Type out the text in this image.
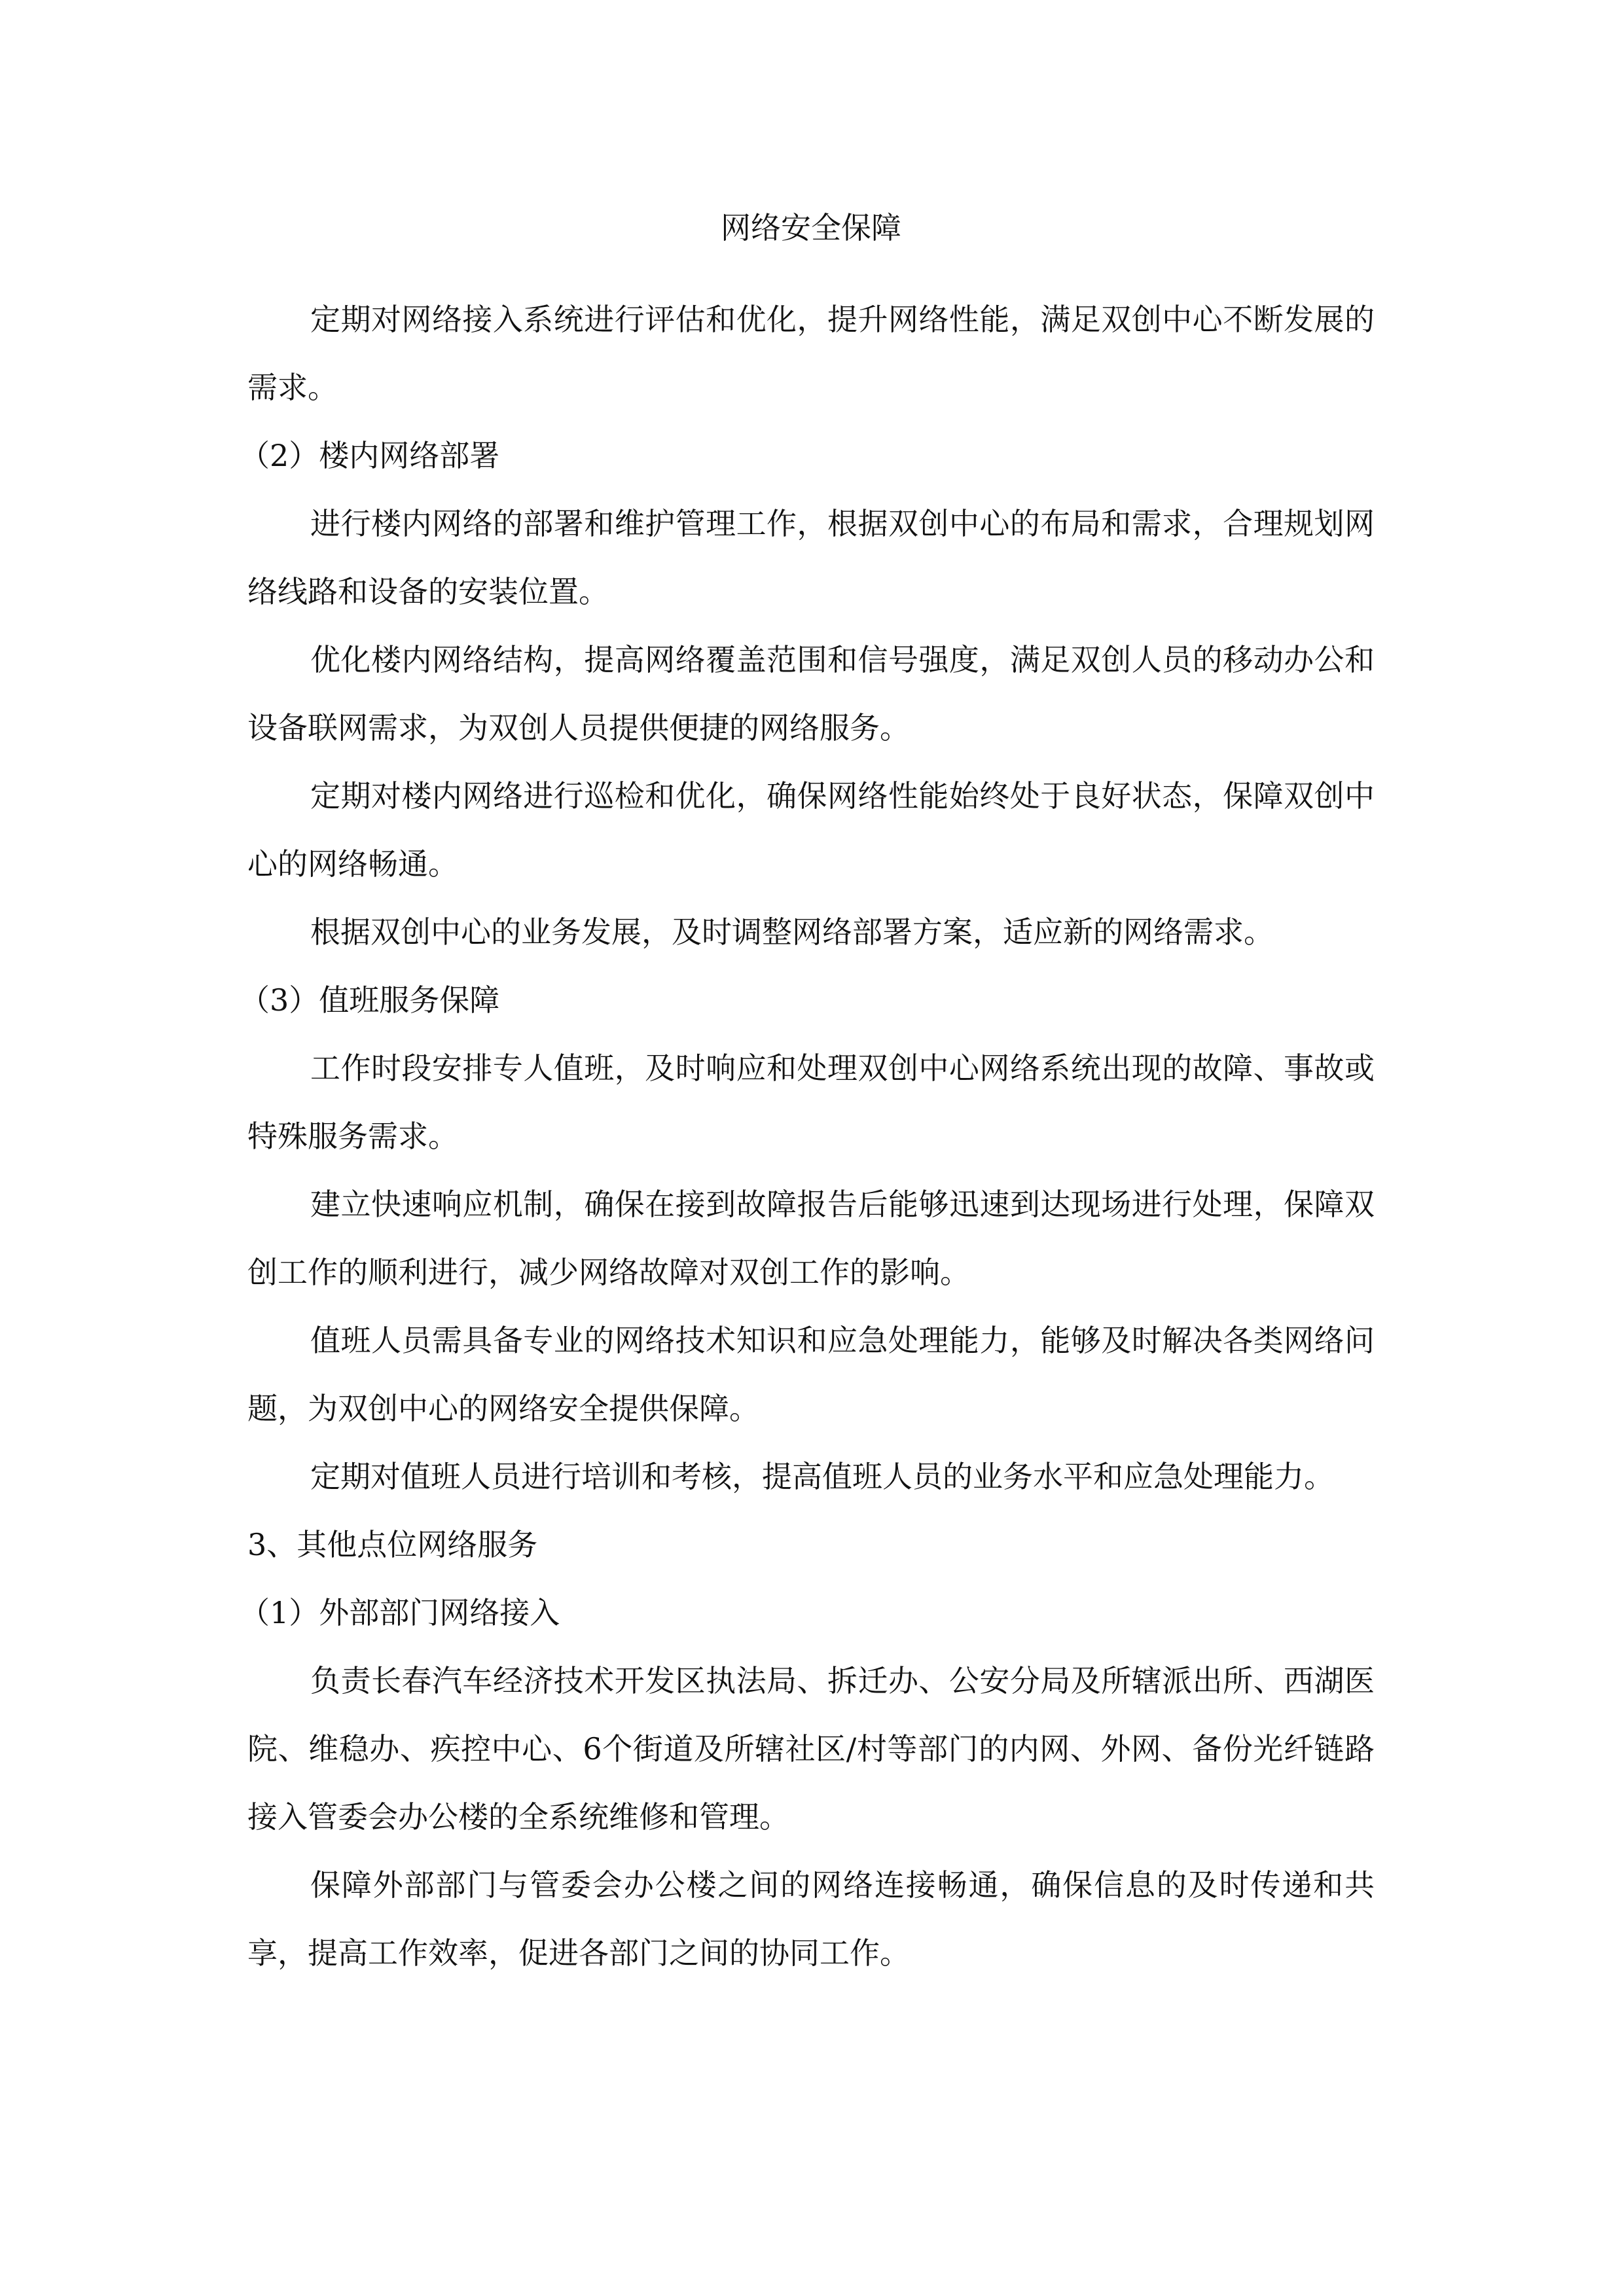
网络安全保障

定期对网络接入系统进行评估和优化，提升网络性能，满足双创中心不断发展的需求。

（2）楼内网络部署

进行楼内网络的部署和维护管理工作，根据双创中心的布局和需求，合理规划网络线路和设备的安装位置。

优化楼内网络结构，提高网络覆盖范围和信号强度，满足双创人员的移动办公和设备联网需求，为双创人员提供便捷的网络服务。

定期对楼内网络进行巡检和优化，确保网络性能始终处于良好状态，保障双创中心的网络畅通。

根据双创中心的业务发展，及时调整网络部署方案，适应新的网络需求。

（3）值班服务保障

工作时段安排专人值班，及时响应和处理双创中心网络系统出现的故障、事故或特殊服务需求。

建立快速响应机制，确保在接到故障报告后能够迅速到达现场进行处理，保障双创工作的顺利进行，减少网络故障对双创工作的影响。

值班人员需具备专业的网络技术知识和应急处理能力，能够及时解决各类网络问题，为双创中心的网络安全提供保障。

定期对值班人员进行培训和考核，提高值班人员的业务水平和应急处理能力。

3、其他点位网络服务

（1）外部部门网络接入

负责长春汽车经济技术开发区执法局、拆迁办、公安分局及所辖派出所、西湖医院、维稳办、疾控中心、6个街道及所辖社区/村等部门的内网、外网、备份光纤链路接入管委会办公楼的全系统维修和管理。

保障外部部门与管委会办公楼之间的网络连接畅通，确保信息的及时传递和共享，提高工作效率，促进各部门之间的协同工作。
